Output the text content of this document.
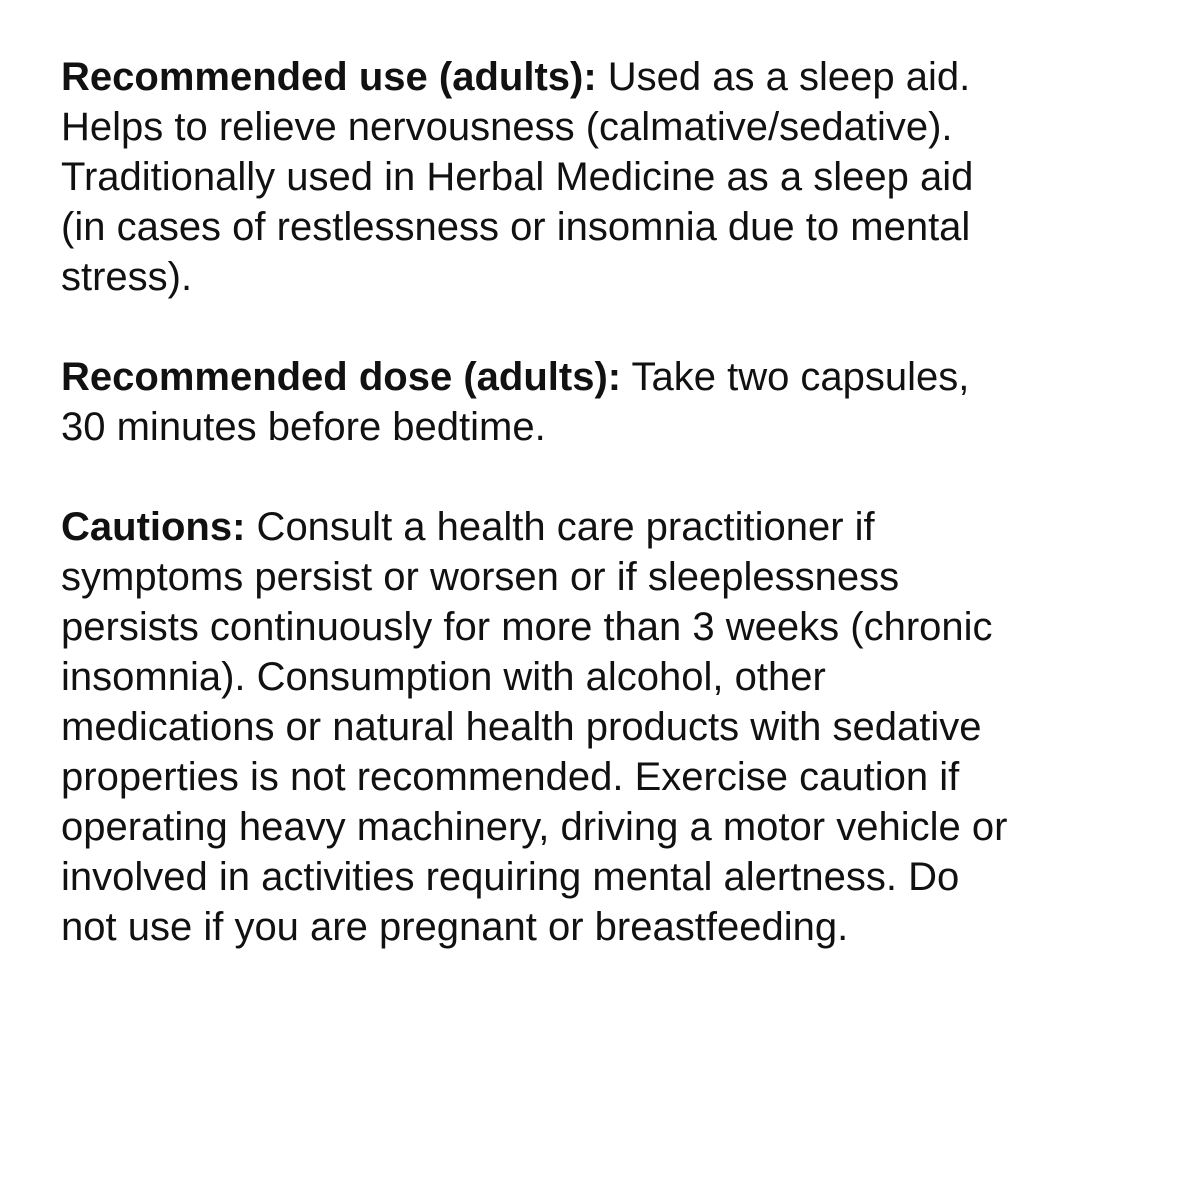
Recommended use (adults): Used as a sleep aid.
Helps to relieve nervousness (calmative/sedative).
Traditionally used in Herbal Medicine as a sleep aid
(in cases of restlessness or insomnia due to mental
stress).
Recommended dose (adults): Take two capsules,
30 minutes before bedtime.
Cautions: Consult a health care practitioner if
symptoms persist or worsen or if sleeplessness
persists continuously for more than 3 weeks (chronic
insomnia). Consumption with alcohol, other
medications or natural health products with sedative
properties is not recommended. Exercise caution if
operating heavy machinery, driving a motor vehicle or
involved in activities requiring mental alertness. Do
not use if you are pregnant or breastfeeding.
